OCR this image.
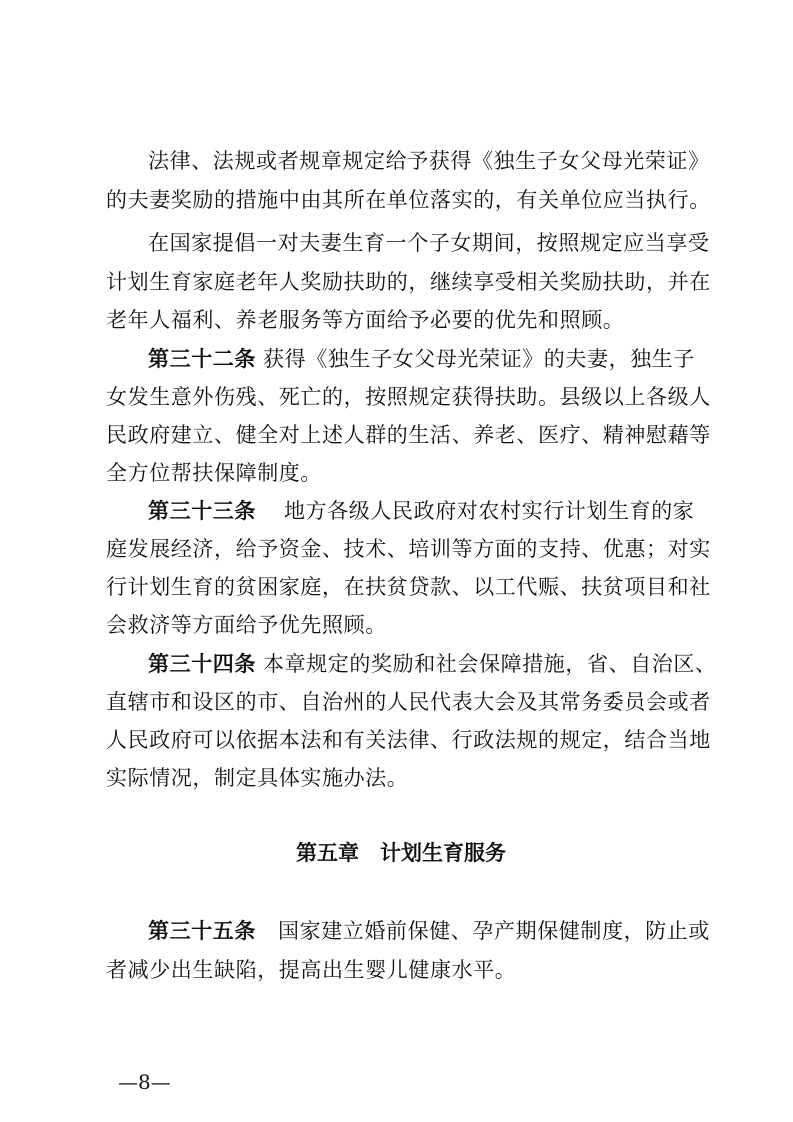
法律、法规或者规章规定给予获得《独生子女父母光荣证》
的夫妻奖励的措施中由其所在单位落实的，有关单位应当执行。
在国家提倡一对夫妻生育一个子女期间，按照规定应当享受
计划生育家庭老年人奖励扶助的，继续享受相关奖励扶助，并在
老年人福利、养老服务等方面给予必要的优先和照顾。
第三十二条 获得《独生子女父母光荣证》的夫妻，独生子
女发生意外伤残、死亡的，按照规定获得扶助。县级以上各级人
民政府建立、健全对上述人群的生活、养老、医疗、精神慰藉等
全方位帮扶保障制度。
第三十三条 地方各级人民政府对农村实行计划生育的家
庭发展经济，给予资金、技术、培训等方面的支持、优惠；对实
行计划生育的贫困家庭，在扶贫贷款、以工代赈、扶贫项目和社
会救济等方面给予优先照顾。
第三十四条 本章规定的奖励和社会保障措施，省、自治区、
直辖市和设区的市、自治州的人民代表大会及其常务委员会或者
人民政府可以依据本法和有关法律、行政法规的规定，结合当地
实际情况，制定具体实施办法。
第五章 计划生育服务
第三十五条 国家建立婚前保健、孕产期保健制度，防止或
者减少出生缺陷，提高出生婴儿健康水平。
—8—
